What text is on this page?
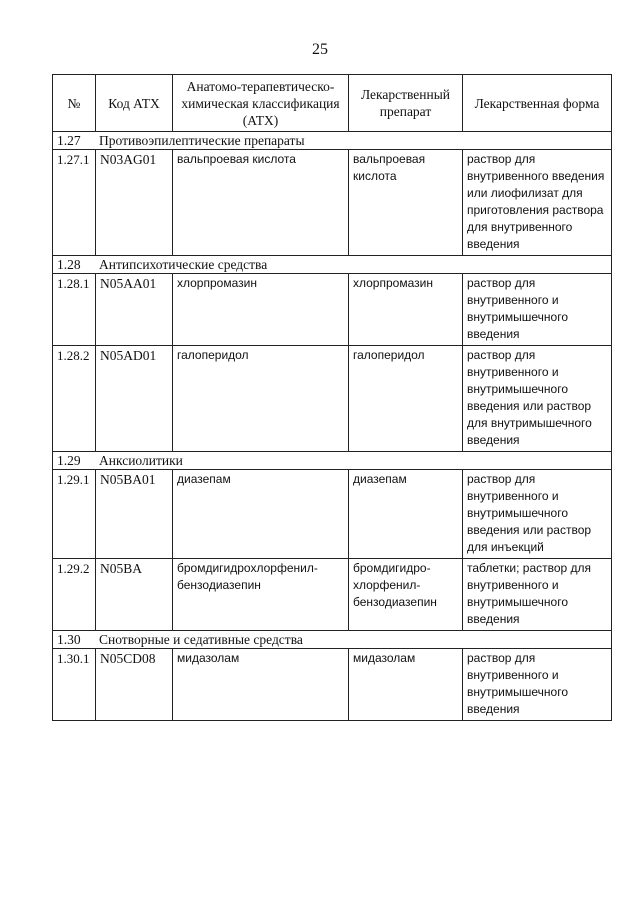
25
№	Код АТХ	Анатомо-терапевтическо-химическая классификация (АТХ)	Лекарственный препарат	Лекарственная форма
1.27 Противоэпилептические препараты				
1.27.1	N03AG01	вальпроевая кислота	вальпроевая кислота	раствор для внутривенного введения или лиофилизат для приготовления раствора для внутривенного введения
1.28 Антипсихотические средства				
1.28.1	N05AA01	хлорпромазин	хлорпромазин	раствор для внутривенного и внутримышечного введения
1.28.2	N05AD01	галоперидол	галоперидол	раствор для внутривенного и внутримышечного введения или раствор для внутримышечного введения
1.29 Анксиолитики				
1.29.1	N05BA01	диазепам	диазепам	раствор для внутривенного и внутримышечного введения или раствор для инъекций
1.29.2	N05BA	бромдигидрохлорфенил-бензодиазепин	бромдигидро-хлорфенил-бензодиазепин	таблетки; раствор для внутривенного и внутримышечного введения
1.30 Снотворные и седативные средства				
1.30.1	N05CD08	мидазолам	мидазолам	раствор для внутривенного и внутримышечного введения
